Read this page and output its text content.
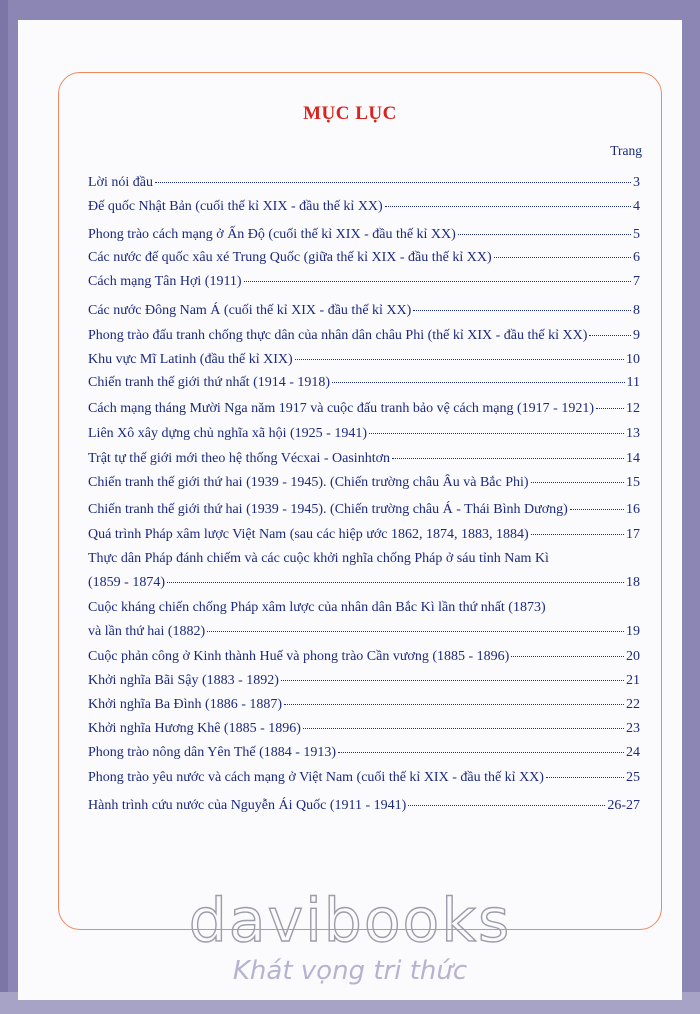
MỤC LỤC
Trang
Lời nói đầu	3
Đế quốc Nhật Bản (cuối thế kỉ XIX - đầu thế kỉ XX)	4
Phong trào cách mạng ở Ấn Độ (cuối thế kỉ XIX - đầu thế kỉ XX)	5
Các nước đế quốc xâu xé Trung Quốc (giữa thế kỉ XIX - đầu thế kỉ XX)	6
Cách mạng Tân Hợi (1911)	7
Các nước Đông Nam Á (cuối thế kỉ XIX - đầu thế kỉ XX)	8
Phong trào đấu tranh chống thực dân của nhân dân châu Phi (thế kỉ XIX - đầu thế kỉ XX)	9
Khu vực Mĩ Latinh (đầu thế kỉ XIX)	10
Chiến tranh thế giới thứ nhất (1914 - 1918)	11
Cách mạng tháng Mười Nga năm 1917 và cuộc đấu tranh bảo vệ cách mạng (1917 - 1921) 12
Liên Xô xây dựng chủ nghĩa xã hội (1925 - 1941)	13
Trật tự thế giới mới theo hệ thống Vécxai - Oasinhtơn	14
Chiến tranh thế giới thứ hai (1939 - 1945). (Chiến trường châu Âu và Bắc Phi)	15
Chiến tranh thế giới thứ hai (1939 - 1945). (Chiến trường châu Á - Thái Bình Dương)	16
Quá trình Pháp xâm lược Việt Nam (sau các hiệp ước 1862, 1874, 1883, 1884)	17
Thực dân Pháp đánh chiếm và các cuộc khởi nghĩa chống Pháp ở sáu tỉnh Nam Kì
(1859 - 1874)	18
Cuộc kháng chiến chống Pháp xâm lược của nhân dân Bắc Kì lần thứ nhất (1873)
và lần thứ hai (1882)	19
Cuộc phản công ở Kinh thành Huế và phong trào Cần vương (1885 - 1896)	20
Khởi nghĩa Bãi Sậy (1883 - 1892)	21
Khởi nghĩa Ba Đình (1886 - 1887)	22
Khởi nghĩa Hương Khê (1885 - 1896)	23
Phong trào nông dân Yên Thế (1884 - 1913)	24
Phong trào yêu nước và cách mạng ở Việt Nam (cuối thế kỉ XIX - đầu thế kỉ XX)	25
Hành trình cứu nước của Nguyễn Ái Quốc (1911 - 1941)	26-27
davibooks
Khát vọng tri thức
